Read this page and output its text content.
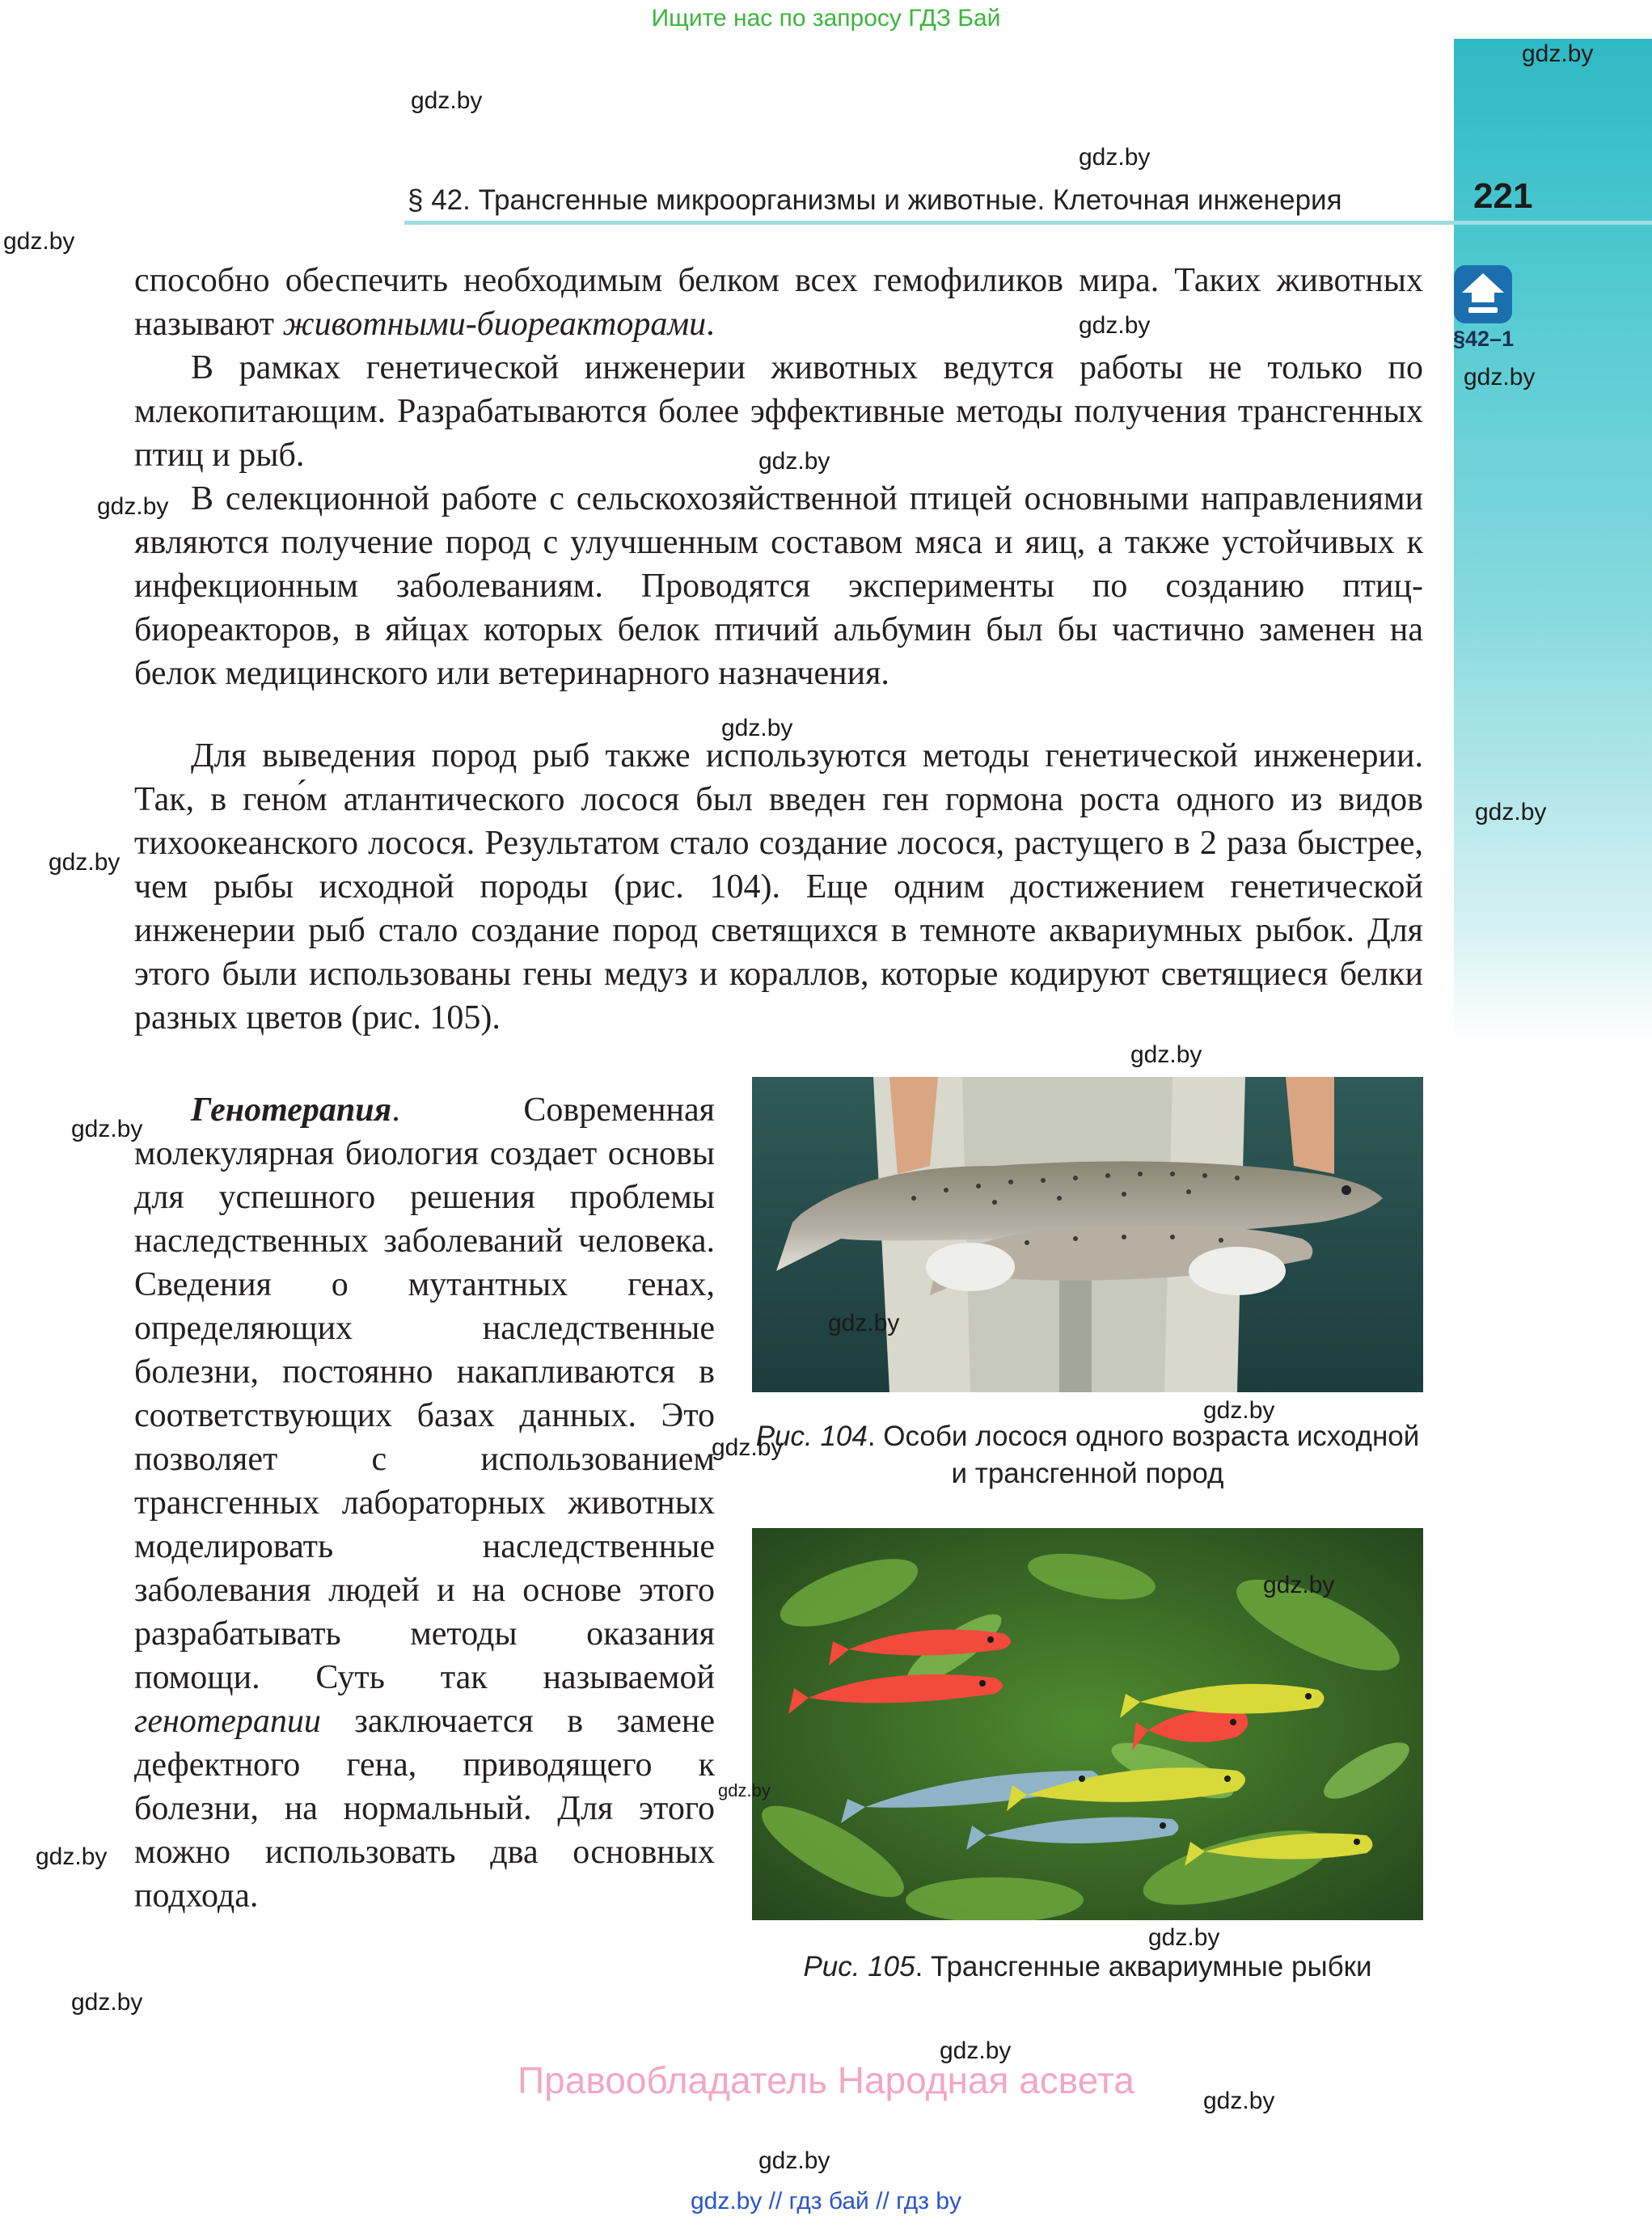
Ищите нас по запросу ГДЗ Бай
§ 42. Трансгенные микроорганизмы и животные. Клеточная инженерия	221
§42–1

способно обеспечить необходимым белком всех гемофиликов мира. Таких животных называют животными-биореакторами.

В рамках генетической инженерии животных ведутся работы не только по млекопитающим. Разрабатываются более эффективные методы получения трансгенных птиц и рыб.

В селекционной работе с сельскохозяйственной птицей основными направлениями являются получение пород с улучшенным составом мяса и яиц, а также устойчивых к инфекционным заболеваниям. Проводятся эксперименты по созданию птиц-биореакторов, в яйцах которых белок птичий альбумин был бы частично заменен на белок медицинского или ветеринарного назначения.

Для выведения пород рыб также используются методы генетической инженерии. Так, в гено́м атлантического лосося был введен ген гормона роста одного из видов тихоокеанского лосося. Результатом стало создание лосося, растущего в 2 раза быстрее, чем рыбы исходной породы (рис. 104). Еще одним достижением генетической инженерии рыб стало создание пород светящихся в темноте аквариумных рыбок. Для этого были использованы гены медуз и кораллов, которые кодируют светящиеся белки разных цветов (рис. 105).

Генотерапия. Современная молекулярная биология создает основы для успешного решения проблемы наследственных заболеваний человека. Сведения о мутантных генах, определяющих наследственные болезни, постоянно накапливаются в соответствующих базах данных. Это позволяет с использованием трансгенных лабораторных животных моделировать наследственные заболевания людей и на основе этого разрабатывать методы оказания помощи. Суть так называемой генотерапии заключается в замене дефектного гена, приводящего к болезни, на нормальный. Для этого можно использовать два основных подхода.

Рис. 104. Особи лосося одного возраста исходной и трансгенной пород
Рис. 105. Трансгенные аквариумные рыбки
gdz.by
gdz.by
gdz.by
gdz.by
gdz.by
gdz.by
gdz.by
gdz.by
gdz.by
gdz.by
gdz.by
gdz.by
gdz.by
gdz.by
gdz.by
gdz.by
gdz.by
gdz.by
gdz.by
gdz.by
gdz.by
gdz.by
gdz.by
gdz.by
Правообладатель Народная асвета
gdz.by // гдз бай // гдз by
